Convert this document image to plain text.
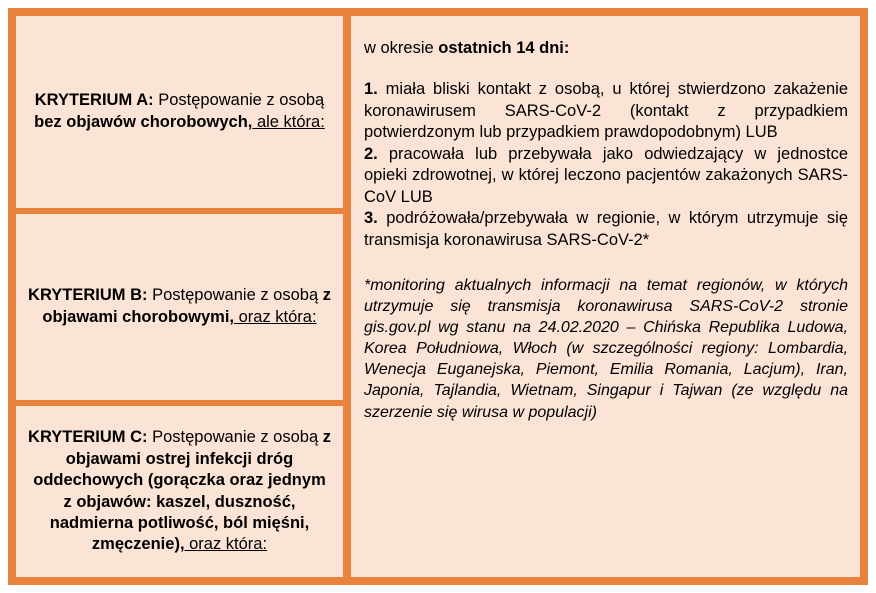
KRYTERIUM A: Postępowanie z osobą bez objawów chorobowych, ale która:

KRYTERIUM B: Postępowanie z osobą z objawami chorobowymi, oraz która:

KRYTERIUM C: Postępowanie z osobą z objawami ostrej infekcji dróg oddechowych (gorączka oraz jednym z objawów: kaszel, duszność, nadmierna potliwość, ból mięśni, zmęczenie), oraz która:

w okresie ostatnich 14 dni:

1. miała bliski kontakt z osobą, u której stwierdzono zakażenie koronawirusem SARS-CoV-2 (kontakt z przypadkiem potwierdzonym lub przypadkiem prawdopodobnym) LUB

2. pracowała lub przebywała jako odwiedzający w jednostce opieki zdrowotnej, w której leczono pacjentów zakażonych SARS-CoV LUB

3. podróżowała/przebywała w regionie, w którym utrzymuje się transmisja koronawirusa SARS-CoV-2*

*monitoring aktualnych informacji na temat regionów, w których utrzymuje się transmisja koronawirusa SARS-CoV-2 stronie gis.gov.pl wg stanu na 24.02.2020 – Chińska Republika Ludowa, Korea Południowa, Włoch (w szczególności regiony: Lombardia, Wenecja Euganejska, Piemont, Emilia Romania, Lacjum), Iran, Japonia, Tajlandia, Wietnam, Singapur i Tajwan (ze względu na szerzenie się wirusa w populacji)
